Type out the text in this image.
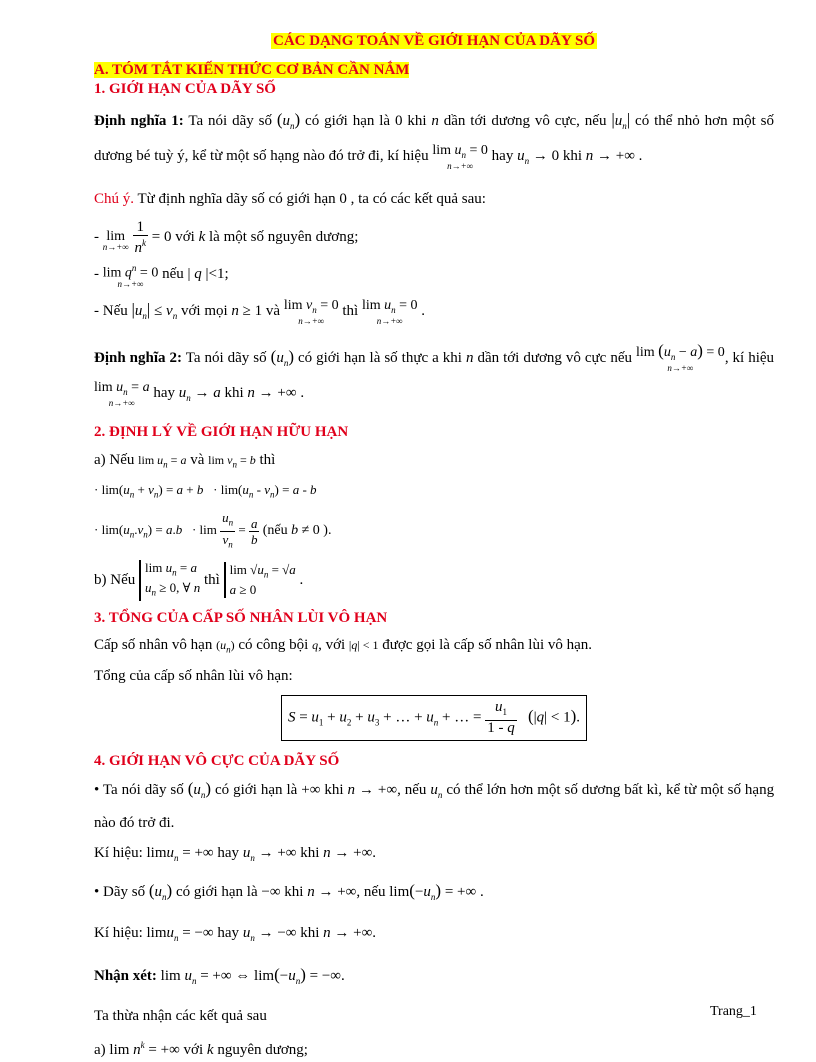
CÁC DẠNG TOÁN VỀ GIỚI HẠN CỦA DÃY SỐ

A. TÓM TẮT KIẾN THỨC CƠ BẢN CẦN NẮM

1. GIỚI HẠN CỦA DÃY SỐ

Định nghĩa 1: Ta nói dãy số $(u_n)$ có giới hạn là 0 khi n dần tới dương vô cực, nếu $|u_n|$ có thể nhỏ hơn một số dương bé tuỳ ý, kể từ một số hạng nào đó trở đi, kí hiệu $\lim u_n = 0$
n→+∞
hay $u_n \to 0$ khi n → +∞ .

Chú ý. Từ định nghĩa dãy số có giới hạn 0 , ta có các kết quả sau:

- lim
n→+∞
$\frac{1}{n^k} = 0$ với k là một số nguyên dương;

- $\lim q^n = 0$
n→+∞
nếu | q |<1;

- Nếu $|u_n| \le v_n$ với mọi n ≥ 1 và $\lim v_n = 0$
n→+∞
thì $\lim u_n = 0$
n→+∞
.

Định nghĩa 2: Ta nói dãy số $(u_n)$ có giới hạn là số thực a khi n dần tới dương vô cực nếu $\lim (u_n - a) = 0$
n→+∞
, kí hiệu
$\lim u_n = a$
n→+∞
hay $u_n \to a$ khi n → +∞ .

2. ĐỊNH LÝ VỀ GIỚI HẠN HỮU HẠN

a) Nếu $\lim u_n = a$ và $\lim v_n = b$ thì

· $\lim(u_n + v_n) = a + b \cdot \lim(u_n - v_n) = a - b$

· $\lim(u_n.v_n) = a.b \cdot \lim \frac{u_n}{v_n} = \frac{a}{b}$ (nếu b ≠ 0 ).

b) Nếu
$\lim u_n = a$
$u_n \ge 0$, ∀ n
thì
$\lim √u_n = √a$
a ≥ 0
.

3. TỔNG CỦA CẤP SỐ NHÂN LÙI VÔ HẠN

Cấp số nhân vô hạn $(u_n)$ có công bội q, với |q| < 1 được gọi là cấp số nhân lùi vô hạn.

Tổng của cấp số nhân lùi vô hạn:

$S = u_1 + u_2 + u_3$ + … + $u_n$ + … = $\frac{u_1}{1 - q} (|q| < 1)$.

4. GIỚI HẠN VÔ CỰC CỦA DÃY SỐ

• Ta nói dãy số $(u_n)$ có giới hạn là +∞ khi n → +∞, nếu $u_n$ có thể lớn hơn một số dương bất kì, kể từ một số hạng nào đó trở đi.

Kí hiệu: limu$_n$ = +∞ hay $u_n$ → +∞ khi n → +∞.

• Dãy số $(u_n)$ có giới hạn là −∞ khi n → +∞, nếu $\lim(-u_n)$ = +∞ .

Kí hiệu: limu$_n$ = −∞ hay $u_n$ → −∞ khi n → +∞.

Nhận xét: $\lim u_n$ = +∞ ⇔ $\lim(-u_n)$ = −∞.

Ta thừa nhận các kết quả sau

a) $\lim n^k$ = +∞ với k nguyên dương;

Trang_1
